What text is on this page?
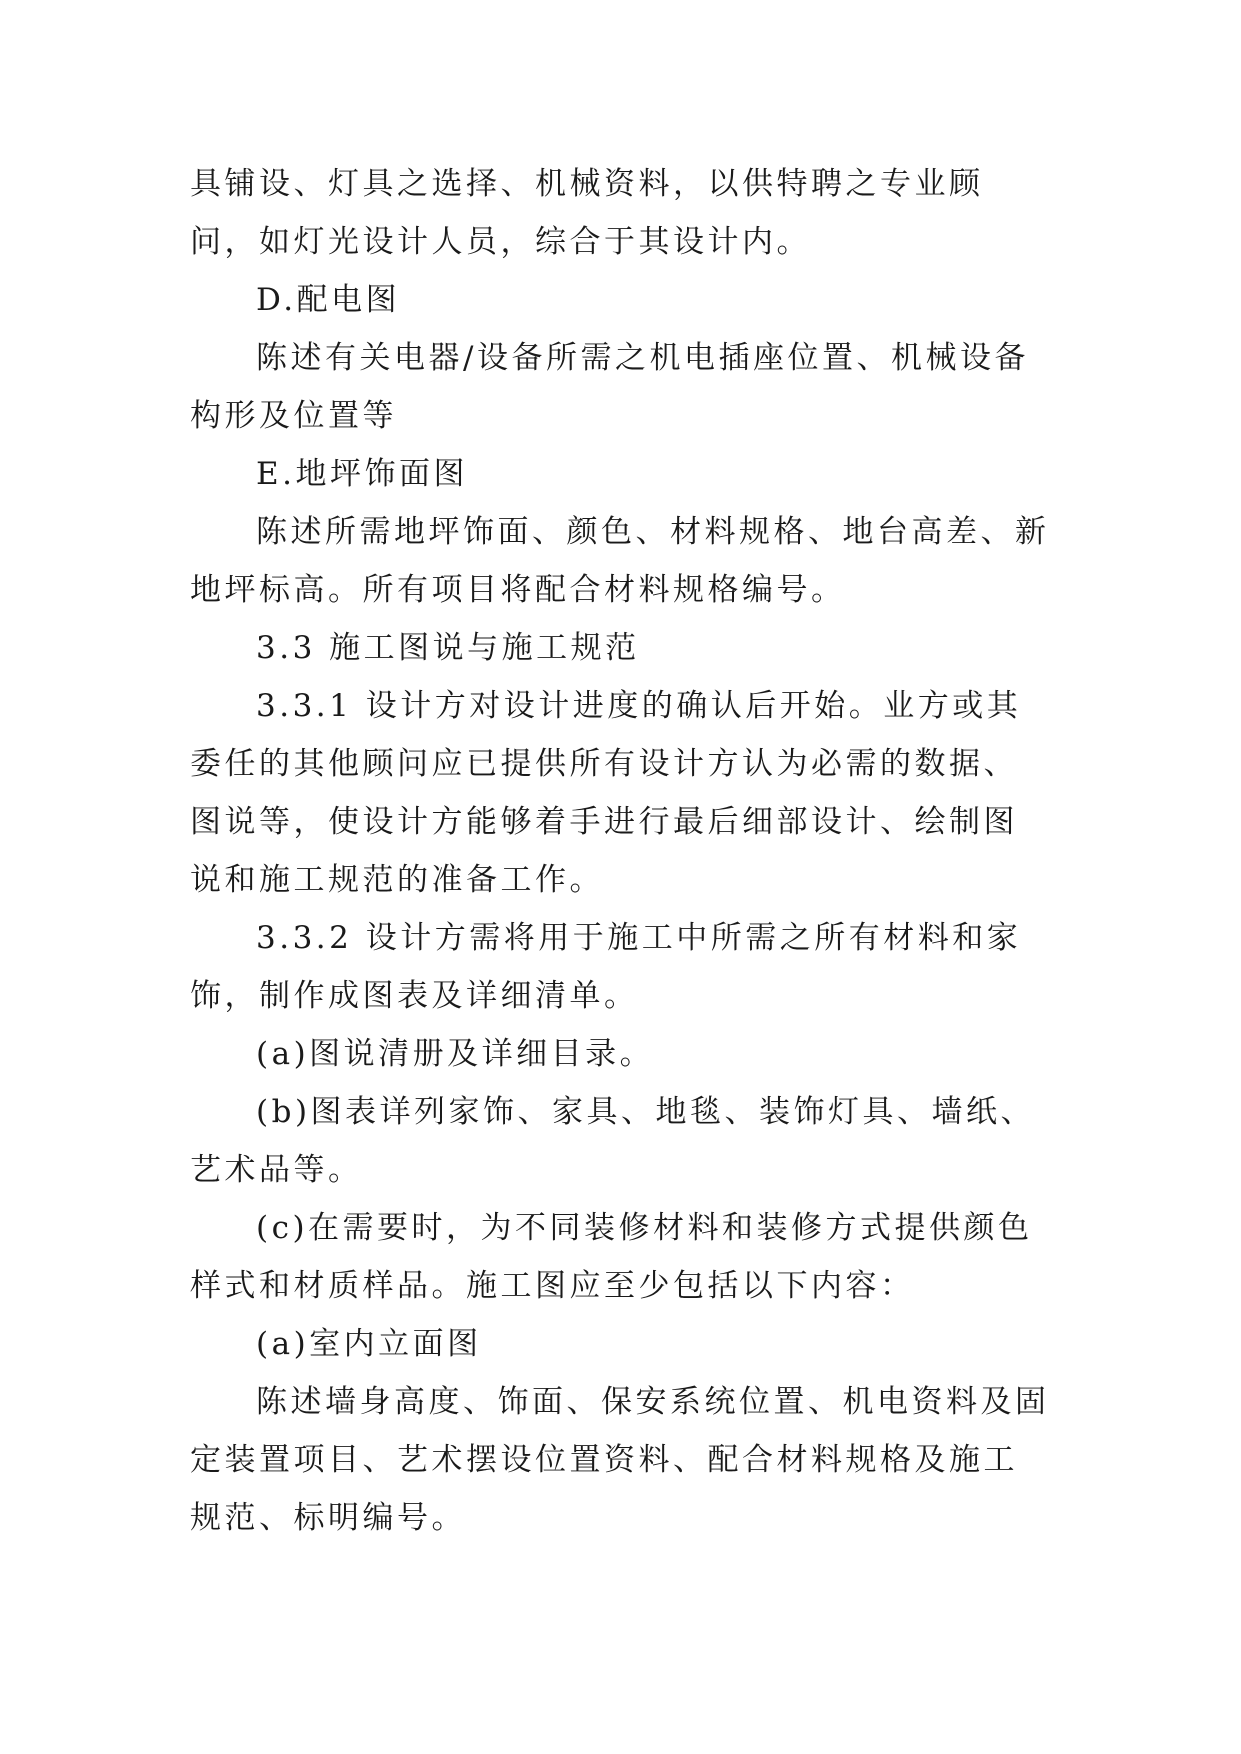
具铺设、灯具之选择、机械资料，以供特聘之专业顾问，如灯光设计人员，综合于其设计内。

D.配电图

陈述有关电器/设备所需之机电插座位置、机械设备构形及位置等

E.地坪饰面图

陈述所需地坪饰面、颜色、材料规格、地台高差、新地坪标高。所有项目将配合材料规格编号。

3.3 施工图说与施工规范

3.3.1 设计方对设计进度的确认后开始。业方或其委任的其他顾问应已提供所有设计方认为必需的数据、图说等，使设计方能够着手进行最后细部设计、绘制图说和施工规范的准备工作。

3.3.2 设计方需将用于施工中所需之所有材料和家饰，制作成图表及详细清单。

(a)图说清册及详细目录。

(b)图表详列家饰、家具、地毯、装饰灯具、墙纸、艺术品等。

(c)在需要时，为不同装修材料和装修方式提供颜色样式和材质样品。施工图应至少包括以下内容：

(a)室内立面图

陈述墙身高度、饰面、保安系统位置、机电资料及固定装置项目、艺术摆设位置资料、配合材料规格及施工规范、标明编号。
